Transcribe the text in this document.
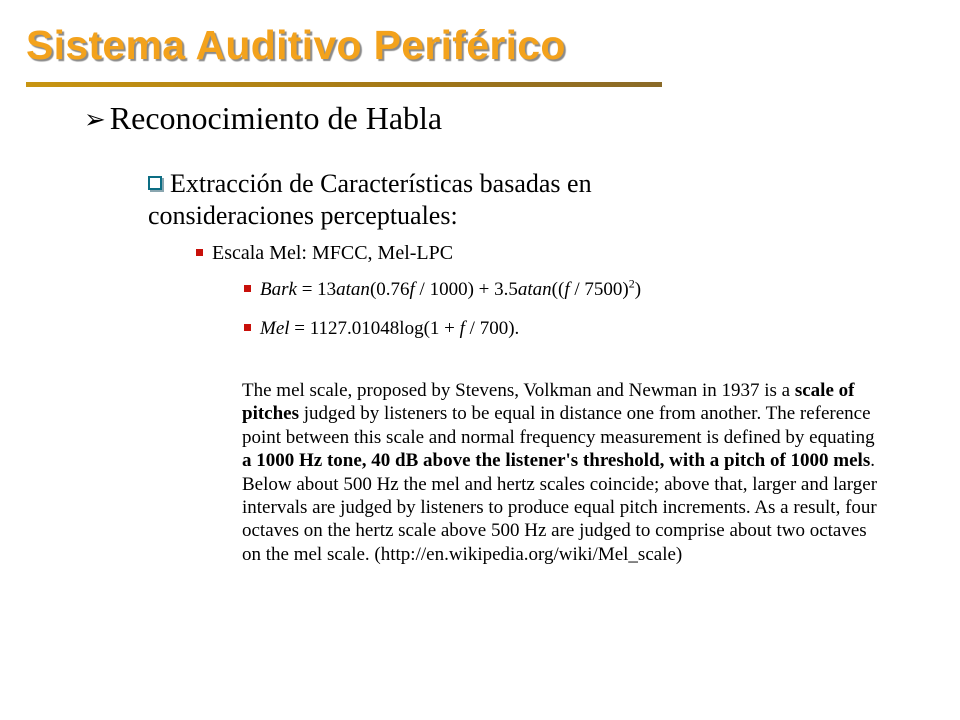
Sistema Auditivo Periférico
➢ Reconocimiento de Habla
Extracción de Características basadas en consideraciones perceptuales:
Escala Mel: MFCC, Mel-LPC
Bark = 13atan(0.76f / 1000) + 3.5atan((f / 7500)$^2$)
Mel = 1127.01048log(1 + f / 700).

The mel scale, proposed by Stevens, Volkman and Newman in 1937 is a scale of pitches judged by listeners to be equal in distance one from another. The reference point between this scale and normal frequency measurement is defined by equating a 1000 Hz tone, 40 dB above the listener's threshold, with a pitch of 1000 mels. Below about 500 Hz the mel and hertz scales coincide; above that, larger and larger intervals are judged by listeners to produce equal pitch increments. As a result, four octaves on the hertz scale above 500 Hz are judged to comprise about two octaves on the mel scale. (http://en.wikipedia.org/wiki/Mel_scale)
